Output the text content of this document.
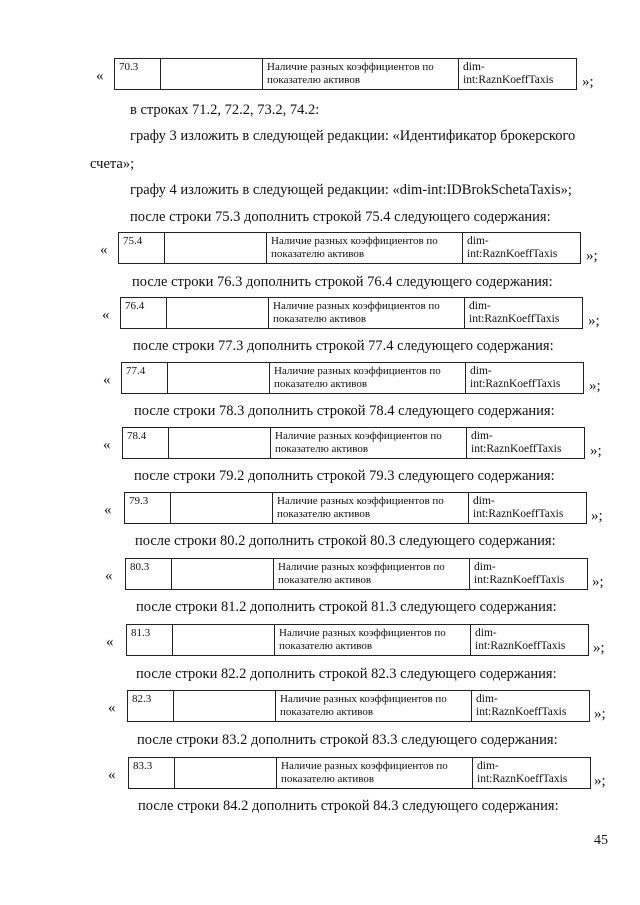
«
70.3		Наличие разных коэффициентов по показателю активов	dim-int:RaznKoeffTaxis »;
в строках 71.2, 72.2, 73.2, 74.2:
графу 3 изложить в следующей редакции: «Идентификатор брокерского
счета»;
графу 4 изложить в следующей редакции: «dim-int:IDBrokSchetaTaxis»;
после строки 75.3 дополнить строкой 75.4 следующего содержания:
«
75.4		Наличие разных коэффициентов по показателю активов	dim-int:RaznKoeffTaxis »;
после строки 76.3 дополнить строкой 76.4 следующего содержания:
«
76.4		Наличие разных коэффициентов по показателю активов	dim-int:RaznKoeffTaxis »;
после строки 77.3 дополнить строкой 77.4 следующего содержания:
«
77.4		Наличие разных коэффициентов по показателю активов	dim-int:RaznKoeffTaxis »;
после строки 78.3 дополнить строкой 78.4 следующего содержания:
«
78.4		Наличие разных коэффициентов по показателю активов	dim-int:RaznKoeffTaxis »;
после строки 79.2 дополнить строкой 79.3 следующего содержания:
«
79.3		Наличие разных коэффициентов по показателю активов	dim-int:RaznKoeffTaxis »;
после строки 80.2 дополнить строкой 80.3 следующего содержания:
«
80.3		Наличие разных коэффициентов по показателю активов	dim-int:RaznKoeffTaxis »;
после строки 81.2 дополнить строкой 81.3 следующего содержания:
«
81.3		Наличие разных коэффициентов по показателю активов	dim-int:RaznKoeffTaxis »;
после строки 82.2 дополнить строкой 82.3 следующего содержания:
«
82.3		Наличие разных коэффициентов по показателю активов	dim-int:RaznKoeffTaxis »;
после строки 83.2 дополнить строкой 83.3 следующего содержания:
«
83.3		Наличие разных коэффициентов по показателю активов	dim-int:RaznKoeffTaxis »;
после строки 84.2 дополнить строкой 84.3 следующего содержания:
45
